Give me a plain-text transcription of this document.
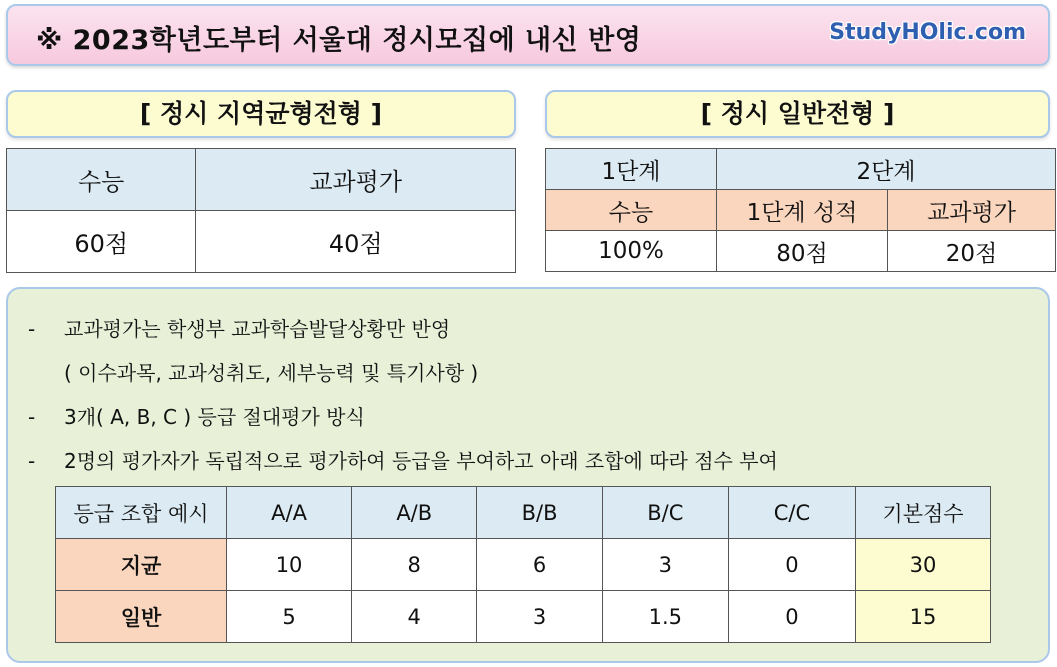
※ 2023학년도부터 서울대 정시모집에 내신 반영	StudyHOlic.com
[ 정시 지역균형전형 ]	[ 정시 일반전형 ]
수능	교과평가
60점	40점
1단계	2단계	
수능	1단계 성적	교과평가
100%	80점	20점
- 교과평가는 학생부 교과학습발달상황만 반영
( 이수과목, 교과성취도, 세부능력 및 특기사항 )
- 3개( A, B, C ) 등급 절대평가 방식
- 2명의 평가자가 독립적으로 평가하여 등급을 부여하고 아래 조합에 따라 점수 부여
등급 조합 예시	A/A	A/B	B/B	B/C	C/C	기본점수
지균	10	8	6	3	0	30
일반	5	4	3	1.5	0	15
